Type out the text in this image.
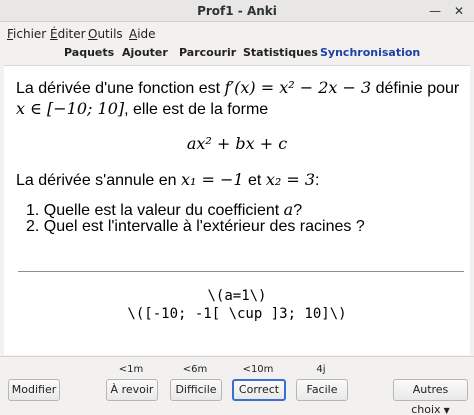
Prof1 - Anki	— ✕
Fichier Éditer Outils Aide
Paquets Ajouter Parcourir Statistiques Synchronisation
La dérivée d'une fonction est f′(x) = x² − 2x − 3 définie pour
x ∈ [−10; 10], elle est de la forme
ax² + bx + c
La dérivée s'annule en x₁ = −1 et x₂ = 3:
1. Quelle est la valeur du coefficient a?
2. Quel est l'intervalle à l'extérieur des racines ?
\(a=1\)
\([-10; -1[ \cup ]3; 10]\)
<1m	<6m	<10m	4j
Modifier	À revoir	Difficile	Correct	Facile	Autres choix ▼
